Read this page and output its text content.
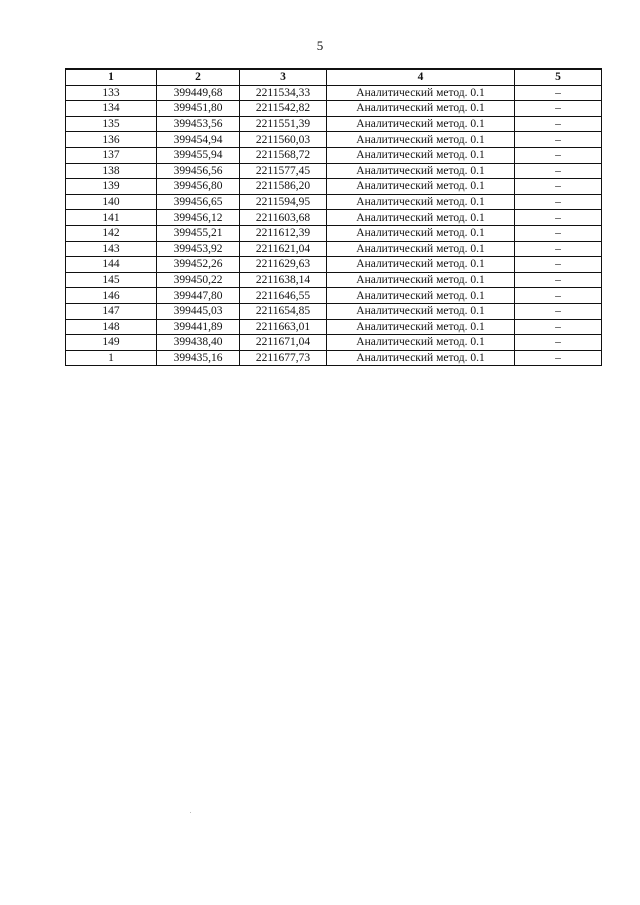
5
1	2	3	4	5
133	399449,68	2211534,33	Аналитический метод. 0.1	–
134	399451,80	2211542,82	Аналитический метод. 0.1	–
135	399453,56	2211551,39	Аналитический метод. 0.1	–
136	399454,94	2211560,03	Аналитический метод. 0.1	–
137	399455,94	2211568,72	Аналитический метод. 0.1	–
138	399456,56	2211577,45	Аналитический метод. 0.1	–
139	399456,80	2211586,20	Аналитический метод. 0.1	–
140	399456,65	2211594,95	Аналитический метод. 0.1	–
141	399456,12	2211603,68	Аналитический метод. 0.1	–
142	399455,21	2211612,39	Аналитический метод. 0.1	–
143	399453,92	2211621,04	Аналитический метод. 0.1	–
144	399452,26	2211629,63	Аналитический метод. 0.1	–
145	399450,22	2211638,14	Аналитический метод. 0.1	–
146	399447,80	2211646,55	Аналитический метод. 0.1	–
147	399445,03	2211654,85	Аналитический метод. 0.1	–
148	399441,89	2211663,01	Аналитический метод. 0.1	–
149	399438,40	2211671,04	Аналитический метод. 0.1	–
1	399435,16	2211677,73	Аналитический метод. 0.1	–
